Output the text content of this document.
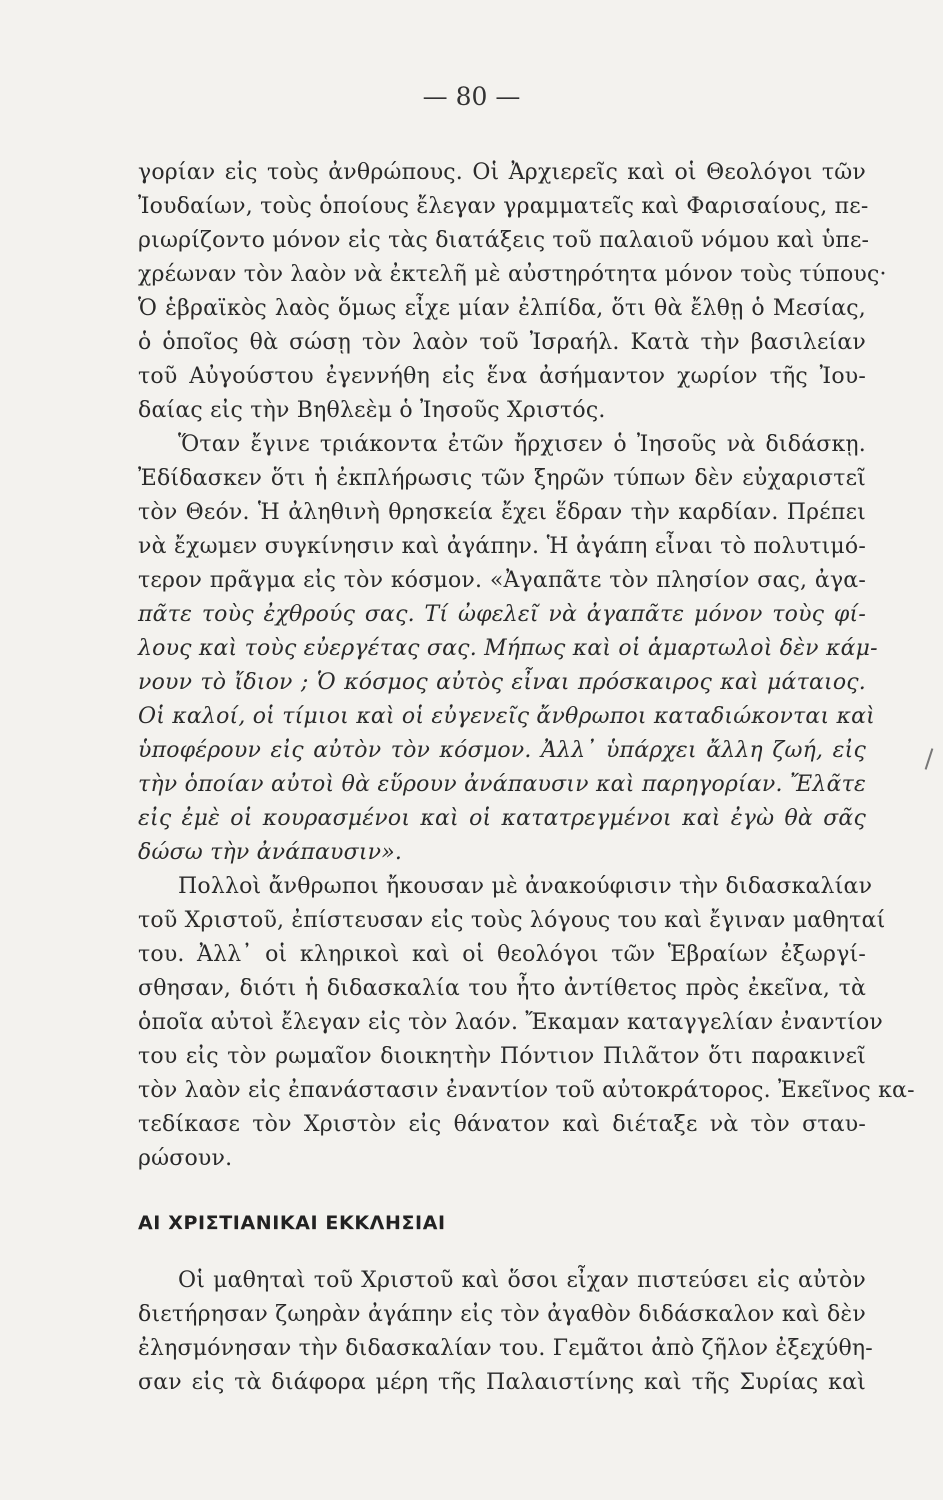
— 80 —
γορίαν εἰς τοὺς ἀνθρώπους. Οἱ Ἀρχιερεῖς καὶ οἱ Θεολόγοι τῶν
Ἰουδαίων, τοὺς ὁποίους ἔλεγαν γραμματεῖς καὶ Φαρισαίους, πε-
ριωρίζοντο μόνον εἰς τὰς διατάξεις τοῦ παλαιοῦ νόμου καὶ ὑπε-
χρέωναν τὸν λαὸν νὰ ἐκτελῆ μὲ αὐστηρότητα μόνον τοὺς τύπους·
Ὁ ἑβραϊκὸς λαὸς ὅμως εἶχε μίαν ἐλπίδα, ὅτι θὰ ἔλθῃ ὁ Μεσίας,
ὁ ὁποῖος θὰ σώσῃ τὸν λαὸν τοῦ Ἰσραήλ. Κατὰ τὴν βασιλείαν
τοῦ Αὐγούστου ἐγεννήθη εἰς ἕνα ἀσήμαντον χωρίον τῆς Ἰου-
δαίας εἰς τὴν Βηθλεὲμ ὁ Ἰησοῦς Χριστός.
Ὅταν ἔγινε τριάκοντα ἐτῶν ἤρχισεν ὁ Ἰησοῦς νὰ διδάσκῃ.
Ἐδίδασκεν ὅτι ἡ ἐκπλήρωσις τῶν ξηρῶν τύπων δὲν εὐχαριστεῖ
τὸν Θεόν. Ἡ ἀληθινὴ θρησκεία ἔχει ἕδραν τὴν καρδίαν. Πρέπει
νὰ ἔχωμεν συγκίνησιν καὶ ἀγάπην. Ἡ ἀγάπη εἶναι τὸ πολυτιμό-
τερον πρᾶγμα εἰς τὸν κόσμον. «Ἀγαπᾶτε τὸν πλησίον σας, ἀγα-
πᾶτε τοὺς ἐχθρούς σας. Τί ὠφελεῖ νὰ ἀγαπᾶτε μόνον τοὺς φί-
λους καὶ τοὺς εὐεργέτας σας. Μήπως καὶ οἱ ἁμαρτωλοὶ δὲν κάμ-
νουν τὸ ἴδιον ; Ὁ κόσμος αὐτὸς εἶναι πρόσκαιρος καὶ μάταιος.
Οἱ καλοί, οἱ τίμιοι καὶ οἱ εὐγενεῖς ἄνθρωποι καταδιώκονται καὶ
ὑποφέρουν εἰς αὐτὸν τὸν κόσμον. Ἀλλ᾿ ὑπάρχει ἄλλη ζωή, εἰς
τὴν ὁποίαν αὐτοὶ θὰ εὕρουν ἀνάπαυσιν καὶ παρηγορίαν. Ἔλᾶτε
εἰς ἐμὲ οἱ κουρασμένοι καὶ οἱ κατατρεγμένοι καὶ ἐγὼ θὰ σᾶς
δώσω τὴν ἀνάπαυσιν».
Πολλοὶ ἄνθρωποι ἤκουσαν μὲ ἀνακούφισιν τὴν διδασκαλίαν
τοῦ Χριστοῦ, ἐπίστευσαν εἰς τοὺς λόγους του καὶ ἔγιναν μαθηταί
του. Ἀλλ᾿ οἱ κληρικοὶ καὶ οἱ θεολόγοι τῶν Ἑβραίων ἐξωργί-
σθησαν, διότι ἡ διδασκαλία του ἦτο ἀντίθετος πρὸς ἐκεῖνα, τὰ
ὁποῖα αὐτοὶ ἔλεγαν εἰς τὸν λαόν. Ἔκαμαν καταγγελίαν ἐναντίον
του εἰς τὸν ρωμαῖον διοικητὴν Πόντιον Πιλᾶτον ὅτι παρακινεῖ
τὸν λαὸν εἰς ἐπανάστασιν ἐναντίον τοῦ αὐτοκράτορος. Ἐκεῖνος κα-
τεδίκασε τὸν Χριστὸν εἰς θάνατον καὶ διέταξε νὰ τὸν σταυ-
ρώσουν.
ΑΙ ΧΡΙΣΤΙΑΝΙΚΑΙ ΕΚΚΛΗΣΙΑΙ
Οἱ μαθηταὶ τοῦ Χριστοῦ καὶ ὅσοι εἶχαν πιστεύσει εἰς αὐτὸν
διετήρησαν ζωηρὰν ἀγάπην εἰς τὸν ἀγαθὸν διδάσκαλον καὶ δὲν
ἐλησμόνησαν τὴν διδασκαλίαν του. Γεμᾶτοι ἀπὸ ζῆλον ἐξεχύθη-
σαν εἰς τὰ διάφορα μέρη τῆς Παλαιστίνης καὶ τῆς Συρίας καὶ
